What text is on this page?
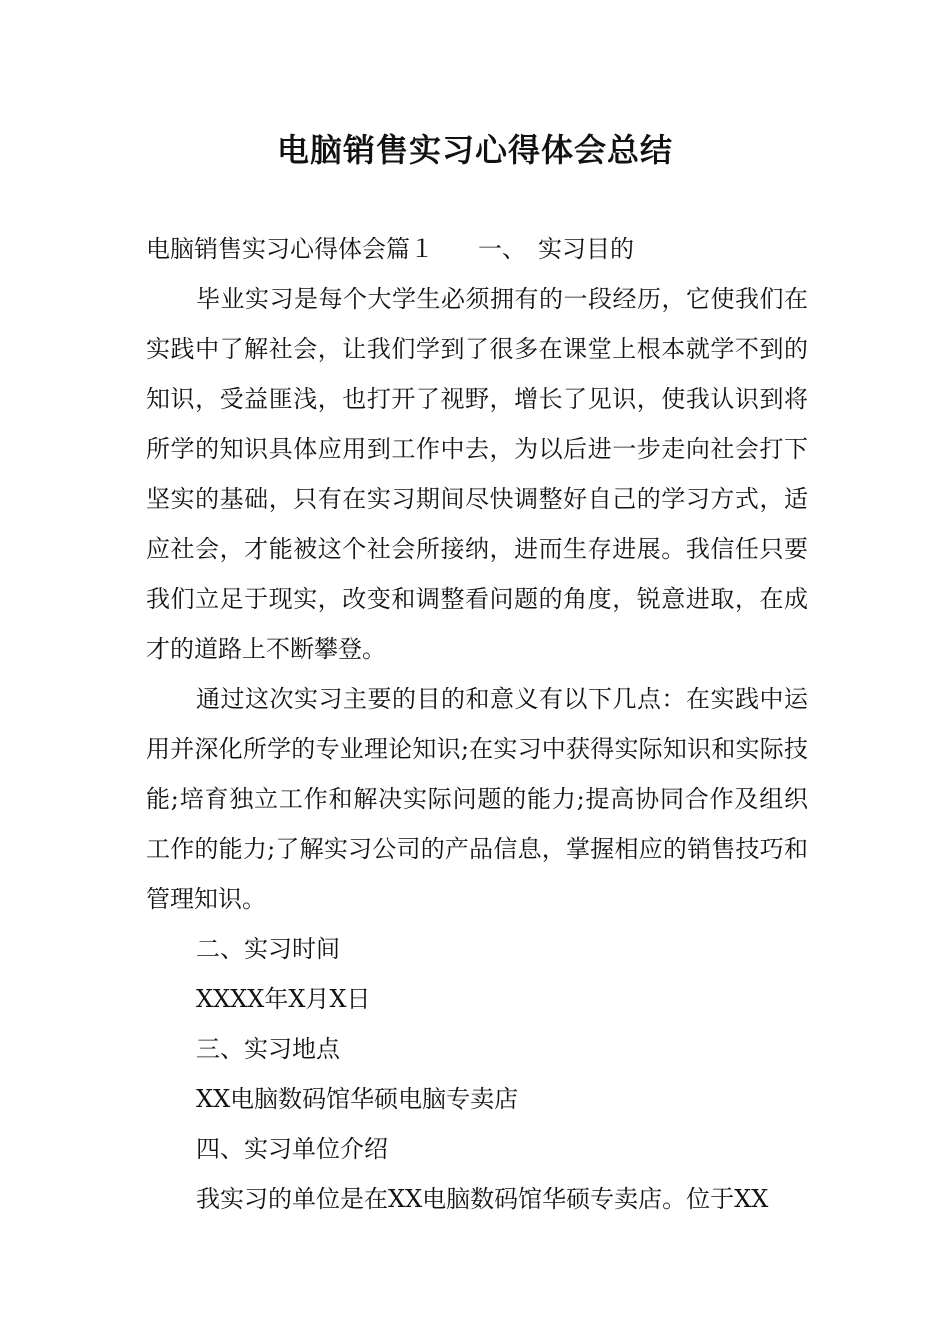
电脑销售实习心得体会总结

电脑销售实习心得体会篇１ 一、　实习目的

毕业实习是每个大学生必须拥有的一段经历，它使我们在实践中了解社会，让我们学到了很多在课堂上根本就学不到的知识，受益匪浅，也打开了视野，增长了见识，使我认识到将所学的知识具体应用到工作中去，为以后进一步走向社会打下坚实的基础，只有在实习期间尽快调整好自己的学习方式，适应社会，才能被这个社会所接纳，进而生存进展。我信任只要我们立足于现实，改变和调整看问题的角度，锐意进取，在成才的道路上不断攀登。

通过这次实习主要的目的和意义有以下几点：在实践中运用并深化所学的专业理论知识;在实习中获得实际知识和实际技能;培育独立工作和解决实际问题的能力;提高协同合作及组织工作的能力;了解实习公司的产品信息，掌握相应的销售技巧和管理知识。

二、实习时间

XXXX年X月X日

三、实习地点

XX电脑数码馆华硕电脑专卖店

四、实习单位介绍

我实习的单位是在XX电脑数码馆华硕专卖店。位于XX
